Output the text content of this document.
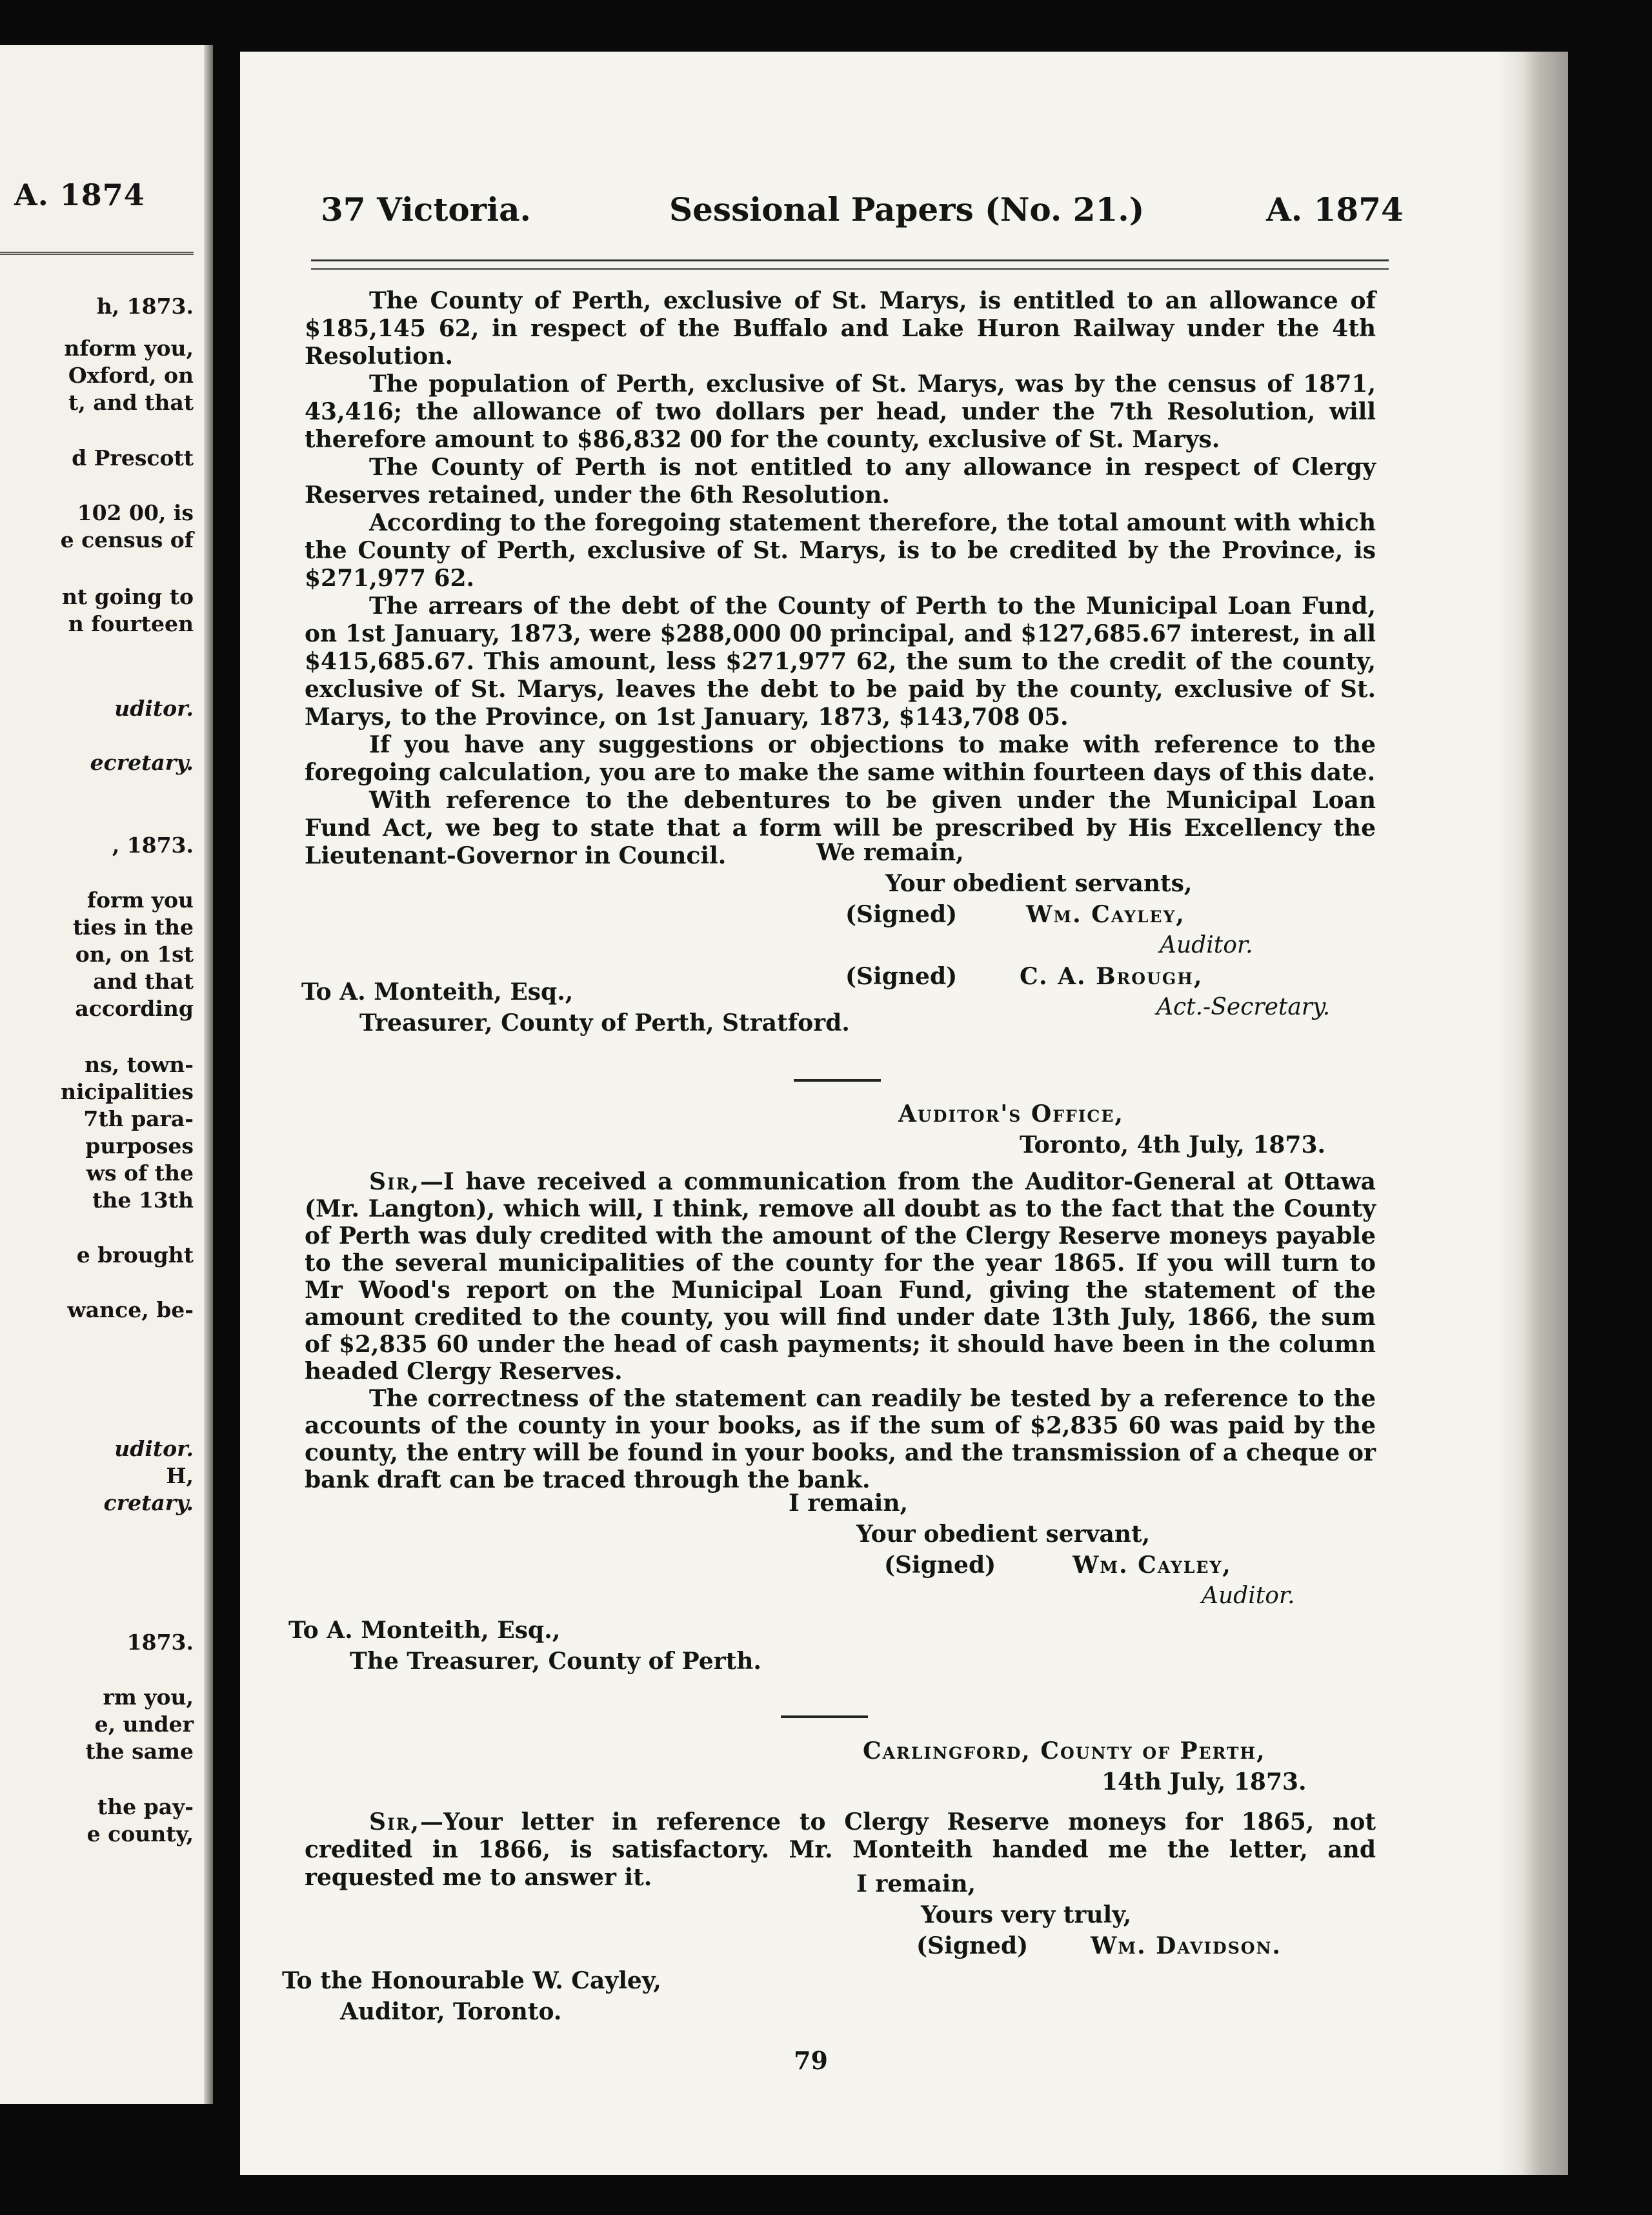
A. 1874
h, 1873.
nform you,
Oxford, on
t, and that
d Prescott
102 00, is
e census of
nt going to
n fourteen
uditor.
ecretary.
, 1873.
form you
ties in the
on, on 1st
and that
according
ns, town-
nicipalities
7th para-
purposes
ws of the
the 13th
e brought
wance, be-
uditor.
H,
cretary.
1873.
rm you,
e, under
the same
the pay-
e county,
37 Victoria.	Sessional Papers (No. 21.)	A. 1874

The County of Perth, exclusive of St. Marys, is entitled to an allowance of $185,145 62, in respect of the Buffalo and Lake Huron Railway under the 4th Resolution.

The population of Perth, exclusive of St. Marys, was by the census of 1871, 43,416; the allowance of two dollars per head, under the 7th Resolution, will therefore amount to $86,832 00 for the county, exclusive of St. Marys.

The County of Perth is not entitled to any allowance in respect of Clergy Reserves retained, under the 6th Resolution.

According to the foregoing statement therefore, the total amount with which the County of Perth, exclusive of St. Marys, is to be credited by the Province, is $271,977 62.

The arrears of the debt of the County of Perth to the Municipal Loan Fund, on 1st January, 1873, were $288,000 00 principal, and $127,685.67 interest, in all $415,685.67. This amount, less $271,977 62, the sum to the credit of the county, exclusive of St. Marys, leaves the debt to be paid by the county, exclusive of St. Marys, to the Province, on 1st January, 1873, $143,708 05.

If you have any suggestions or objections to make with reference to the foregoing calculation, you are to make the same within fourteen days of this date.

With reference to the debentures to be given under the Municipal Loan Fund Act, we beg to state that a form will be prescribed by His Excellency the Lieutenant-Governor in Council.	We remain,
Your obedient servants,
(Signed)	Wm. Cayley,
Auditor.
(Signed)	C. A. Brough,
Act.-Secretary.
To A. Monteith, Esq.,
Treasurer, County of Perth, Stratford.
Auditor's Office,
Toronto, 4th July, 1873.

Sir,—I have received a communication from the Auditor-General at Ottawa (Mr. Langton), which will, I think, remove all doubt as to the fact that the County of Perth was duly credited with the amount of the Clergy Reserve moneys payable to the several municipalities of the county for the year 1865. If you will turn to Mr Wood's report on the Municipal Loan Fund, giving the statement of the amount credited to the county, you will find under date 13th July, 1866, the sum of $2,835 60 under the head of cash payments; it should have been in the column headed Clergy Reserves.

The correctness of the statement can readily be tested by a reference to the accounts of the county in your books, as if the sum of $2,835 60 was paid by the county, the entry will be found in your books, and the transmission of a cheque or bank draft can be traced through the bank.

I remain,
Your obedient servant,
(Signed)	Wm. Cayley,
Auditor.
To A. Monteith, Esq.,
The Treasurer, County of Perth.
Carlingford, County of Perth,
14th July, 1873.

Sir,—Your letter in reference to Clergy Reserve moneys for 1865, not credited in 1866, is satisfactory. Mr. Monteith handed me the letter, and requested me to answer it.	I remain,
Yours very truly,
(Signed)	Wm. Davidson.
To the Honourable W. Cayley,
Auditor, Toronto.
79
